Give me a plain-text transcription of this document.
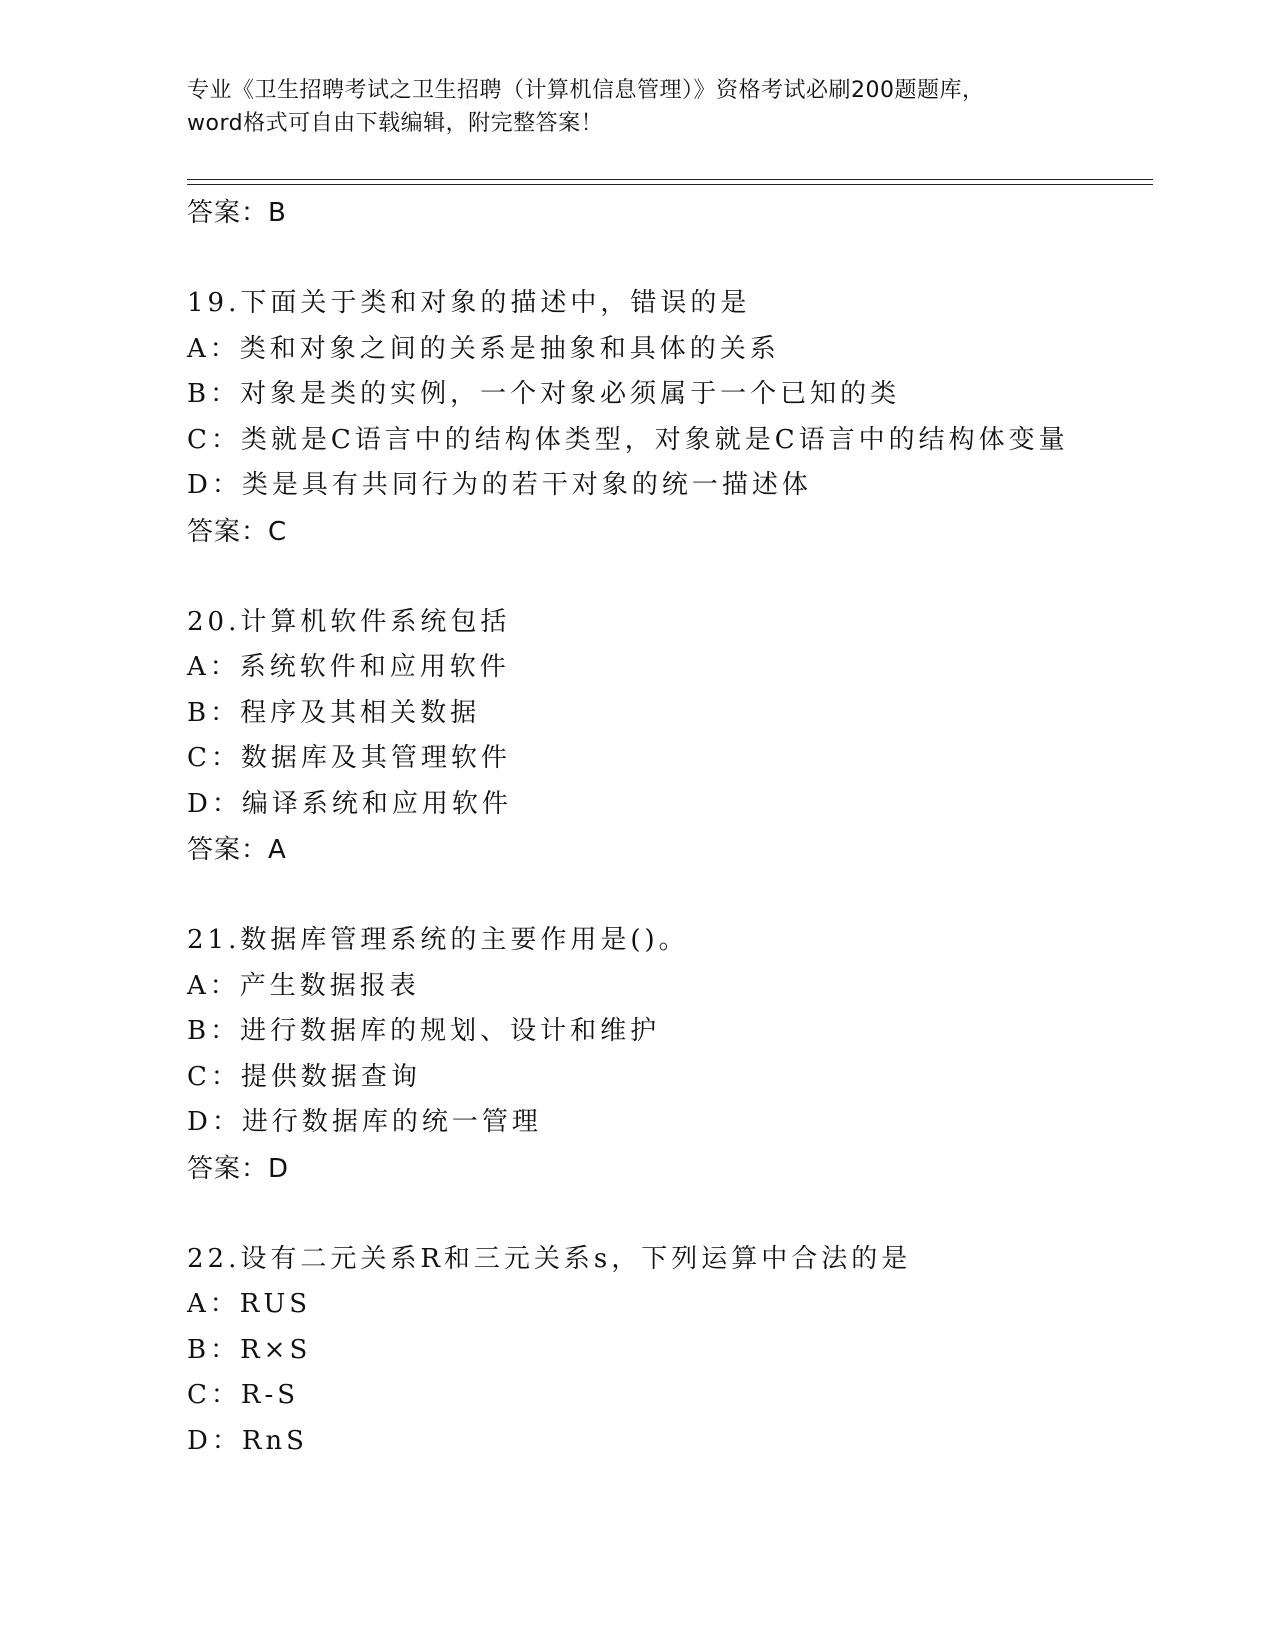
专业《卫生招聘考试之卫生招聘（计算机信息管理）》资格考试必刷200题题库，
word格式可自由下载编辑，附完整答案！
答案：B
19.下面关于类和对象的描述中，错误的是
A：类和对象之间的关系是抽象和具体的关系
B：对象是类的实例，一个对象必须属于一个已知的类
C：类就是C语言中的结构体类型，对象就是C语言中的结构体变量
D：类是具有共同行为的若干对象的统一描述体
答案：C
20.计算机软件系统包括
A：系统软件和应用软件
B：程序及其相关数据
C：数据库及其管理软件
D：编译系统和应用软件
答案：A
21.数据库管理系统的主要作用是()。
A：产生数据报表
B：进行数据库的规划、设计和维护
C：提供数据查询
D：进行数据库的统一管理
答案：D
22.设有二元关系R和三元关系s，下列运算中合法的是
A：RUS
B：R×S
C：R-S
D：RnS
